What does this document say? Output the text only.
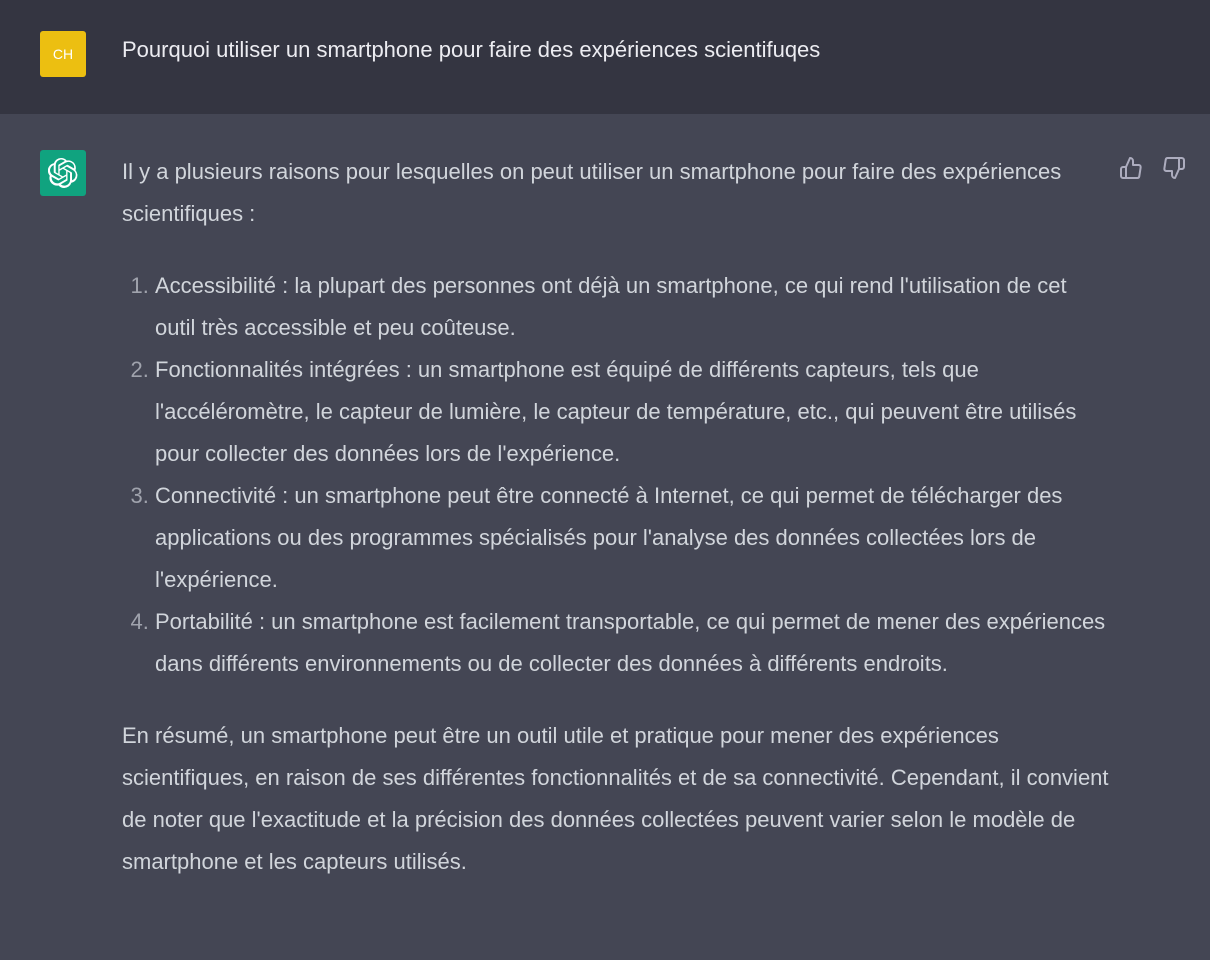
CH	Pourquoi utiliser un smartphone pour faire des expériences scientifuqes

Il y a plusieurs raisons pour lesquelles on peut utiliser un smartphone pour faire des expériences scientifiques :

1. Accessibilité : la plupart des personnes ont déjà un smartphone, ce qui rend l'utilisation de cet outil très accessible et peu coûteuse.
2. Fonctionnalités intégrées : un smartphone est équipé de différents capteurs, tels que l'accéléromètre, le capteur de lumière, le capteur de température, etc., qui peuvent être utilisés pour collecter des données lors de l'expérience.
3. Connectivité : un smartphone peut être connecté à Internet, ce qui permet de télécharger des applications ou des programmes spécialisés pour l'analyse des données collectées lors de l'expérience.
4. Portabilité : un smartphone est facilement transportable, ce qui permet de mener des expériences dans différents environnements ou de collecter des données à différents endroits.

En résumé, un smartphone peut être un outil utile et pratique pour mener des expériences scientifiques, en raison de ses différentes fonctionnalités et de sa connectivité. Cependant, il convient de noter que l'exactitude et la précision des données collectées peuvent varier selon le modèle de smartphone et les capteurs utilisés.
